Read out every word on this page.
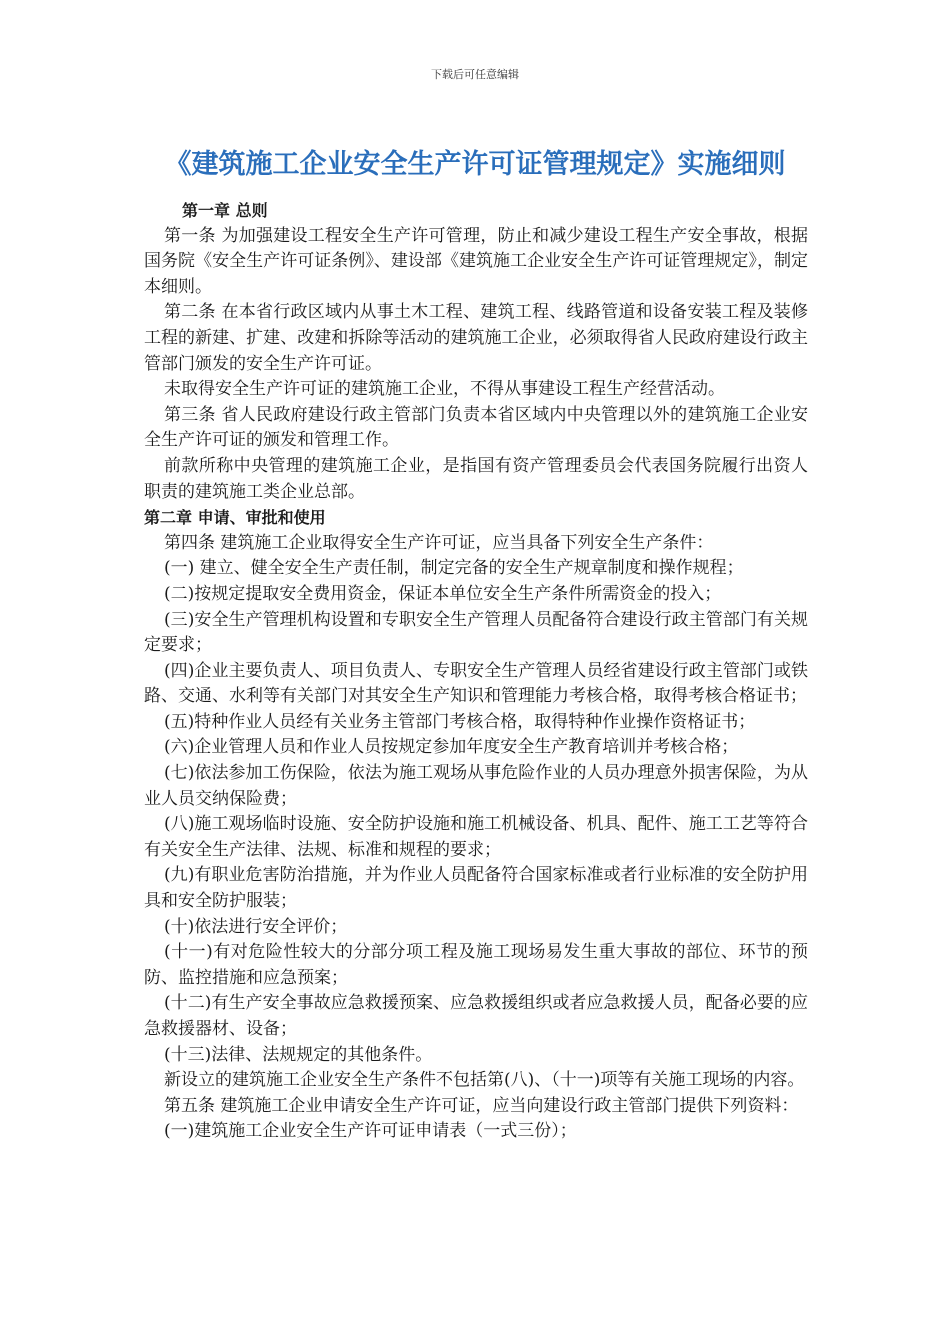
下载后可任意编辑
《建筑施工企业安全生产许可证管理规定》实施细则

第一章 总则

第一条 为加强建设工程安全生产许可管理，防止和减少建设工程生产安全事故，根据国务院《安全生产许可证条例》、建设部《建筑施工企业安全生产许可证管理规定》，制定本细则。

第二条 在本省行政区域内从事土木工程、建筑工程、线路管道和设备安装工程及装修工程的新建、扩建、改建和拆除等活动的建筑施工企业，必须取得省人民政府建设行政主管部门颁发的安全生产许可证。

未取得安全生产许可证的建筑施工企业，不得从事建设工程生产经营活动。

第三条 省人民政府建设行政主管部门负责本省区域内中央管理以外的建筑施工企业安全生产许可证的颁发和管理工作。

前款所称中央管理的建筑施工企业，是指国有资产管理委员会代表国务院履行出资人职责的建筑施工类企业总部。

第二章 申请、审批和使用

第四条 建筑施工企业取得安全生产许可证，应当具备下列安全生产条件：

(一) 建立、健全安全生产责任制，制定完备的安全生产规章制度和操作规程；

(二)按规定提取安全费用资金，保证本单位安全生产条件所需资金的投入；

(三)安全生产管理机构设置和专职安全生产管理人员配备符合建设行政主管部门有关规定要求；

(四)企业主要负责人、项目负责人、专职安全生产管理人员经省建设行政主管部门或铁路、交通、水利等有关部门对其安全生产知识和管理能力考核合格，取得考核合格证书；

(五)特种作业人员经有关业务主管部门考核合格，取得特种作业操作资格证书；

(六)企业管理人员和作业人员按规定参加年度安全生产教育培训并考核合格；

(七)依法参加工伤保险，依法为施工观场从事危险作业的人员办理意外损害保险，为从业人员交纳保险费；

(八)施工观场临时设施、安全防护设施和施工机械设备、机具、配件、施工工艺等符合有关安全生产法律、法规、标准和规程的要求；

(九)有职业危害防治措施，并为作业人员配备符合国家标准或者行业标准的安全防护用具和安全防护服装；

(十)依法进行安全评价；

(十一)有对危险性较大的分部分项工程及施工现场易发生重大事故的部位、环节的预防、监控措施和应急预案；

(十二)有生产安全事故应急救援预案、应急救援组织或者应急救援人员，配备必要的应急救援器材、设备；

(十三)法律、法规规定的其他条件。

新设立的建筑施工企业安全生产条件不包括第(八)、（十一)项等有关施工现场的内容。

第五条 建筑施工企业申请安全生产许可证，应当向建设行政主管部门提供下列资料：

(一)建筑施工企业安全生产许可证申请表（一式三份）；
